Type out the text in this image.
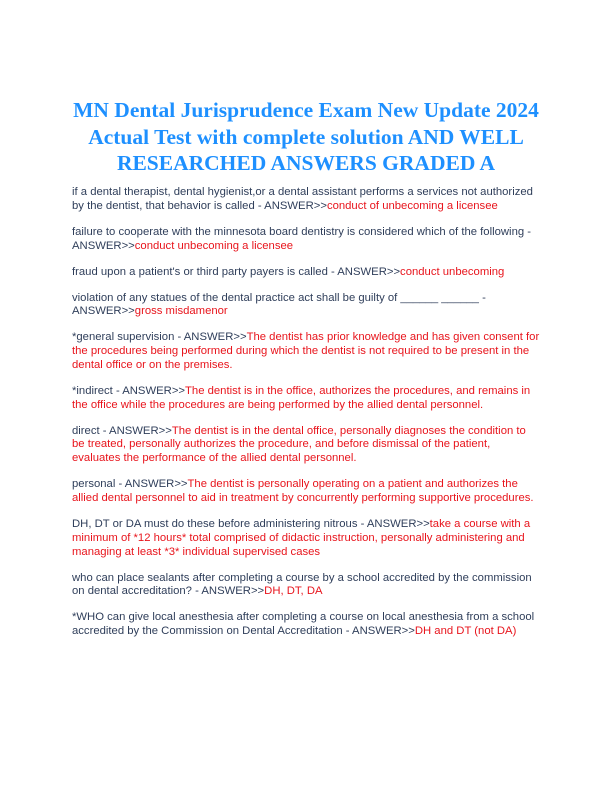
MN Dental Jurisprudence Exam New Update 2024 Actual Test with complete solution AND WELL RESEARCHED ANSWERS GRADED A

if a dental therapist, dental hygienist,or a dental assistant performs a services not authorized by the dentist, that behavior is called - ANSWER>>conduct of unbecoming a licensee

failure to cooperate with the minnesota board dentistry is considered which of the following - ANSWER>>conduct unbecoming a licensee

fraud upon a patient's or third party payers is called - ANSWER>>conduct unbecoming

violation of any statues of the dental practice act shall be guilty of ______ ______ - ANSWER>>gross misdamenor

*general supervision - ANSWER>>The dentist has prior knowledge and has given consent for the procedures being performed during which the dentist is not required to be present in the dental office or on the premises.

*indirect - ANSWER>>The dentist is in the office, authorizes the procedures, and remains in the office while the procedures are being performed by the allied dental personnel.

direct - ANSWER>>The dentist is in the dental office, personally diagnoses the condition to be treated, personally authorizes the procedure, and before dismissal of the patient, evaluates the performance of the allied dental personnel.

personal - ANSWER>>The dentist is personally operating on a patient and authorizes the allied dental personnel to aid in treatment by concurrently performing supportive procedures.

DH, DT or DA must do these before administering nitrous - ANSWER>>take a course with a minimum of *12 hours* total comprised of didactic instruction, personally administering and managing at least *3* individual supervised cases

who can place sealants after completing a course by a school accredited by the commission on dental accreditation? - ANSWER>>DH, DT, DA

*WHO can give local anesthesia after completing a course on local anesthesia from a school accredited by the Commission on Dental Accreditation - ANSWER>>DH and DT (not DA)
